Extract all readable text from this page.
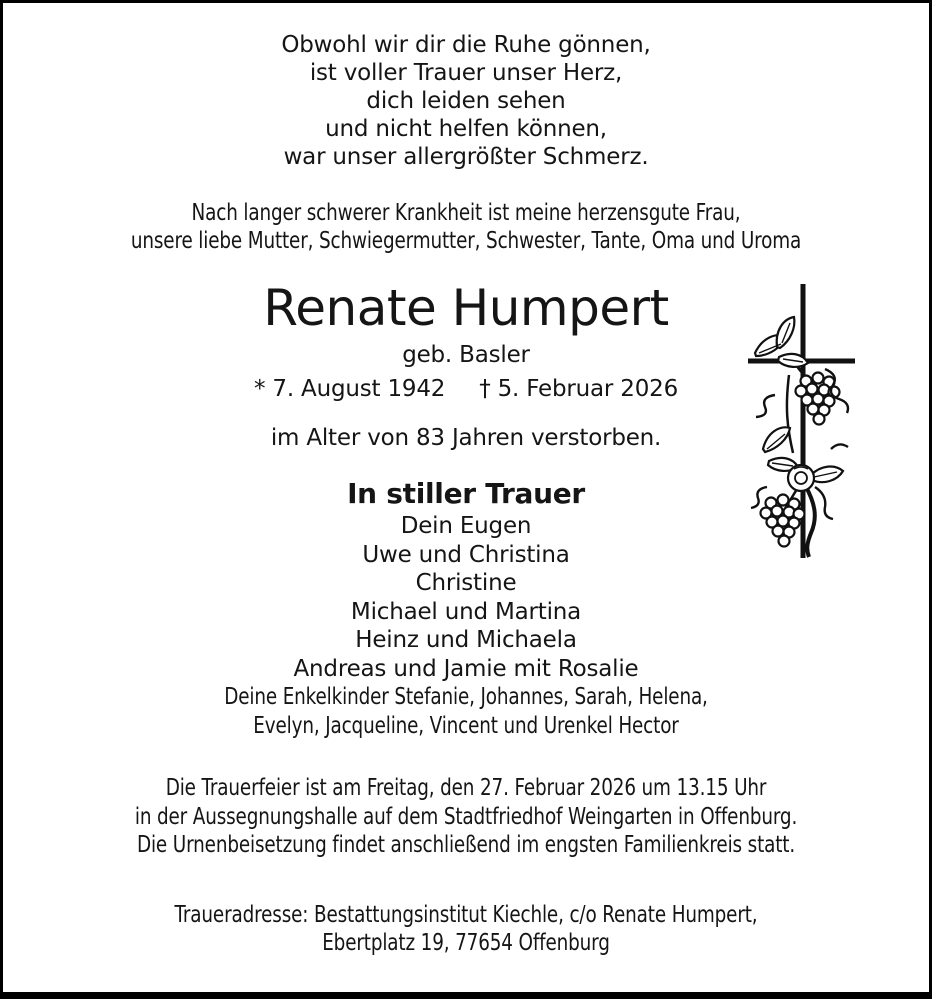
Obwohl wir dir die Ruhe gönnen,
ist voller Trauer unser Herz,
dich leiden sehen
und nicht helfen können,
war unser allergrößter Schmerz.
Nach langer schwerer Krankheit ist meine herzensgute Frau,
unsere liebe Mutter, Schwiegermutter, Schwester, Tante, Oma und Uroma
Renate Humpert
geb. Basler
* 7. August 1942 † 5. Februar 2026
im Alter von 83 Jahren verstorben.
In stiller Trauer
Dein Eugen
Uwe und Christina
Christine
Michael und Martina
Heinz und Michaela
Andreas und Jamie mit Rosalie
Deine Enkelkinder Stefanie, Johannes, Sarah, Helena,
Evelyn, Jacqueline, Vincent und Urenkel Hector
Die Trauerfeier ist am Freitag, den 27. Februar 2026 um 13.15 Uhr
in der Aussegnungshalle auf dem Stadtfriedhof Weingarten in Offenburg.
Die Urnenbeisetzung findet anschließend im engsten Familienkreis statt.
Traueradresse: Bestattungsinstitut Kiechle, c/o Renate Humpert,
Ebertplatz 19, 77654 Offenburg
